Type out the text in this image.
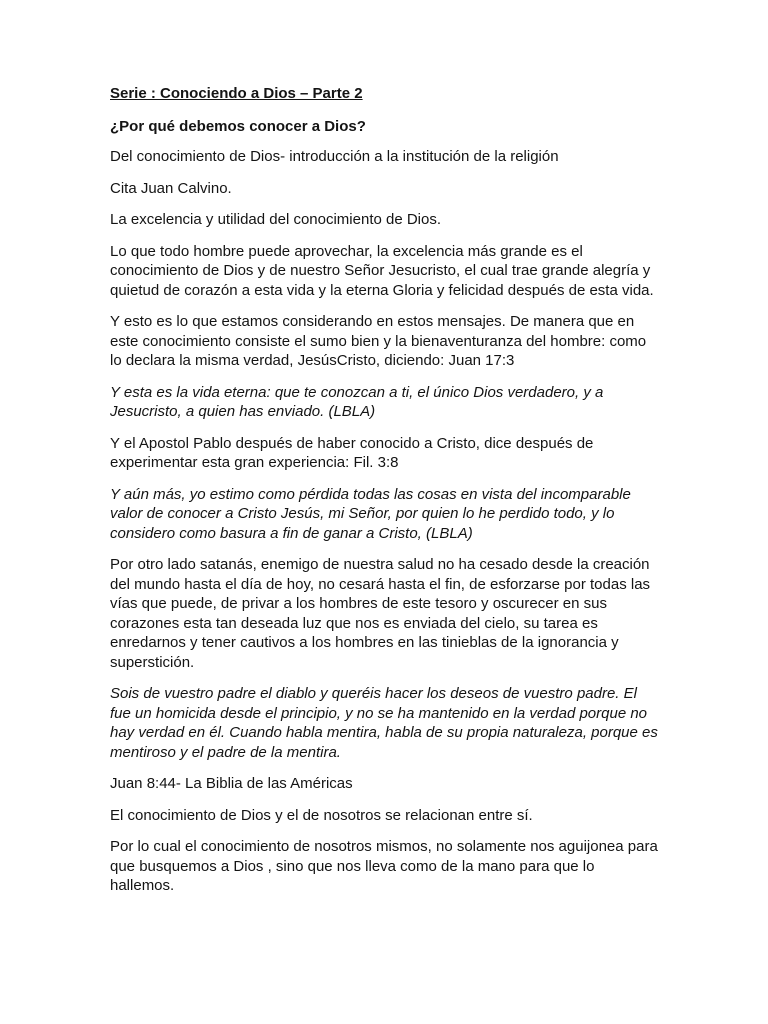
Serie : Conociendo a Dios – Parte 2

¿Por qué debemos conocer a Dios?

Del conocimiento de Dios- introducción a la institución de la religión

Cita Juan Calvino.

La excelencia y utilidad del conocimiento de Dios.

Lo que todo hombre puede aprovechar, la excelencia más grande es el conocimiento de Dios y de nuestro Señor Jesucristo, el cual trae grande alegría y quietud de corazón a esta vida y la eterna Gloria y felicidad después de esta vida.

Y esto es lo que estamos considerando en estos mensajes. De manera que en este conocimiento consiste el sumo bien y la bienaventuranza del hombre: como lo declara la misma verdad, JesúsCristo, diciendo: Juan 17:3

Y esta es la vida eterna: que te conozcan a ti, el único Dios verdadero, y a Jesucristo, a quien has enviado. (LBLA)

Y el Apostol Pablo después de haber conocido a Cristo, dice después de experimentar esta gran experiencia: Fil. 3:8

Y aún más, yo estimo como pérdida todas las cosas en vista del incomparable valor de conocer a Cristo Jesús, mi Señor, por quien lo he perdido todo, y lo considero como basura a fin de ganar a Cristo, (LBLA)

Por otro lado satanás, enemigo de nuestra salud no ha cesado desde la creación del mundo hasta el día de hoy, no cesará hasta el fin, de esforzarse por todas las vías que puede, de privar a los hombres de este tesoro y oscurecer en sus corazones esta tan deseada luz que nos es enviada del cielo, su tarea es enredarnos y tener cautivos a los hombres en las tinieblas de la ignorancia y superstición.

Sois de vuestro padre el diablo y queréis hacer los deseos de vuestro padre. El fue un homicida desde el principio, y no se ha mantenido en la verdad porque no hay verdad en él. Cuando habla mentira, habla de su propia naturaleza, porque es mentiroso y el padre de la mentira.

Juan 8:44- La Biblia de las Américas

El conocimiento de Dios y el de nosotros se relacionan entre sí.

Por lo cual el conocimiento de nosotros mismos, no solamente nos aguijonea para que busquemos a Dios , sino que nos lleva como de la mano para que lo hallemos.
